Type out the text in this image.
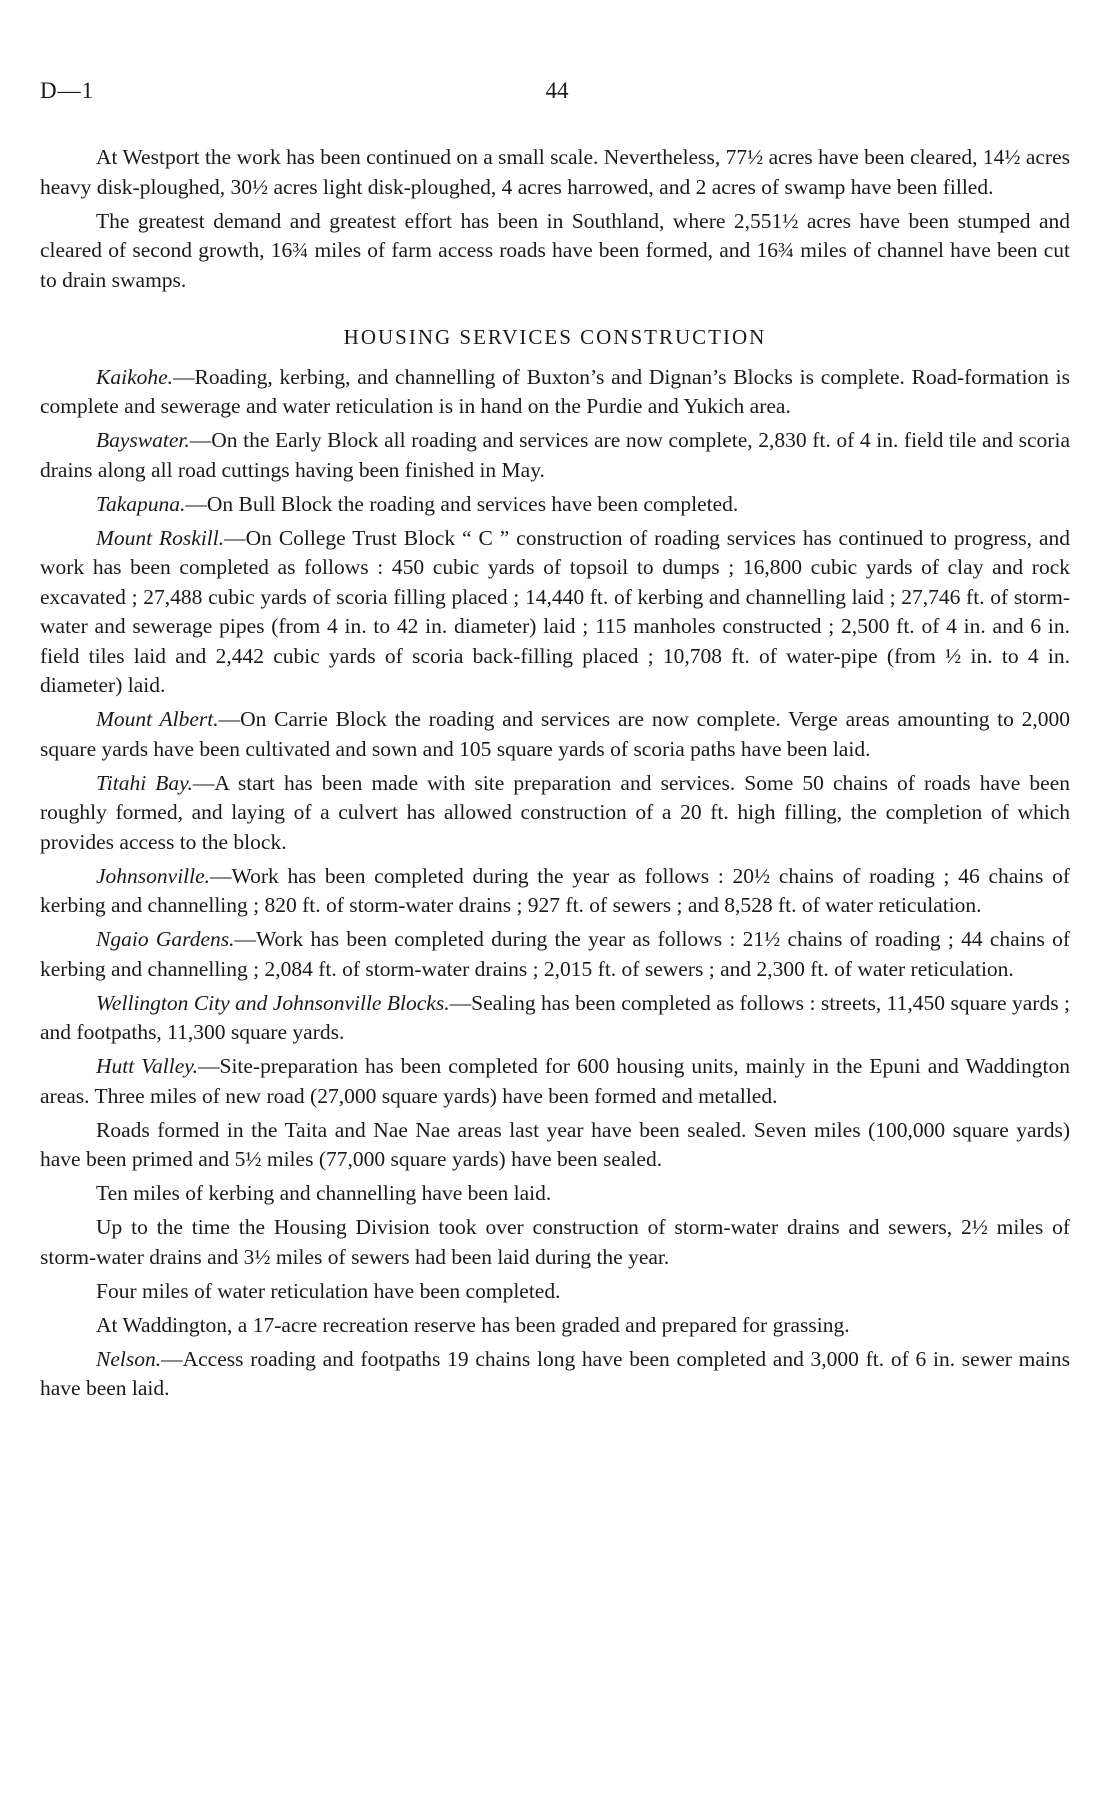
D—1	44

At Westport the work has been continued on a small scale. Nevertheless, 77½ acres have been cleared, 14½ acres heavy disk-ploughed, 30½ acres light disk-ploughed, 4 acres harrowed, and 2 acres of swamp have been filled.

The greatest demand and greatest effort has been in Southland, where 2,551½ acres have been stumped and cleared of second growth, 16¾ miles of farm access roads have been formed, and 16¾ miles of channel have been cut to drain swamps.

HOUSING SERVICES CONSTRUCTION

Kaikohe.—Roading, kerbing, and channelling of Buxton’s and Dignan’s Blocks is complete. Road-formation is complete and sewerage and water reticulation is in hand on the Purdie and Yukich area.

Bayswater.—On the Early Block all roading and services are now complete, 2,830 ft. of 4 in. field tile and scoria drains along all road cuttings having been finished in May.

Takapuna.—On Bull Block the roading and services have been completed.

Mount Roskill.—On College Trust Block “ C ” construction of roading services has continued to progress, and work has been completed as follows : 450 cubic yards of topsoil to dumps ; 16,800 cubic yards of clay and rock excavated ; 27,488 cubic yards of scoria filling placed ; 14,440 ft. of kerbing and channelling laid ; 27,746 ft. of storm-water and sewerage pipes (from 4 in. to 42 in. diameter) laid ; 115 manholes constructed ; 2,500 ft. of 4 in. and 6 in. field tiles laid and 2,442 cubic yards of scoria back-filling placed ; 10,708 ft. of water-pipe (from ½ in. to 4 in. diameter) laid.

Mount Albert.—On Carrie Block the roading and services are now complete. Verge areas amounting to 2,000 square yards have been cultivated and sown and 105 square yards of scoria paths have been laid.

Titahi Bay.—A start has been made with site preparation and services. Some 50 chains of roads have been roughly formed, and laying of a culvert has allowed construction of a 20 ft. high filling, the completion of which provides access to the block.

Johnsonville.—Work has been completed during the year as follows : 20½ chains of roading ; 46 chains of kerbing and channelling ; 820 ft. of storm-water drains ; 927 ft. of sewers ; and 8,528 ft. of water reticulation.

Ngaio Gardens.—Work has been completed during the year as follows : 21½ chains of roading ; 44 chains of kerbing and channelling ; 2,084 ft. of storm-water drains ; 2,015 ft. of sewers ; and 2,300 ft. of water reticulation.

Wellington City and Johnsonville Blocks.—Sealing has been completed as follows : streets, 11,450 square yards ; and footpaths, 11,300 square yards.

Hutt Valley.—Site-preparation has been completed for 600 housing units, mainly in the Epuni and Waddington areas. Three miles of new road (27,000 square yards) have been formed and metalled.

Roads formed in the Taita and Nae Nae areas last year have been sealed. Seven miles (100,000 square yards) have been primed and 5½ miles (77,000 square yards) have been sealed.

Ten miles of kerbing and channelling have been laid.

Up to the time the Housing Division took over construction of storm-water drains and sewers, 2½ miles of storm-water drains and 3½ miles of sewers had been laid during the year.

Four miles of water reticulation have been completed.

At Waddington, a 17-acre recreation reserve has been graded and prepared for grassing.

Nelson.—Access roading and footpaths 19 chains long have been completed and 3,000 ft. of 6 in. sewer mains have been laid.
